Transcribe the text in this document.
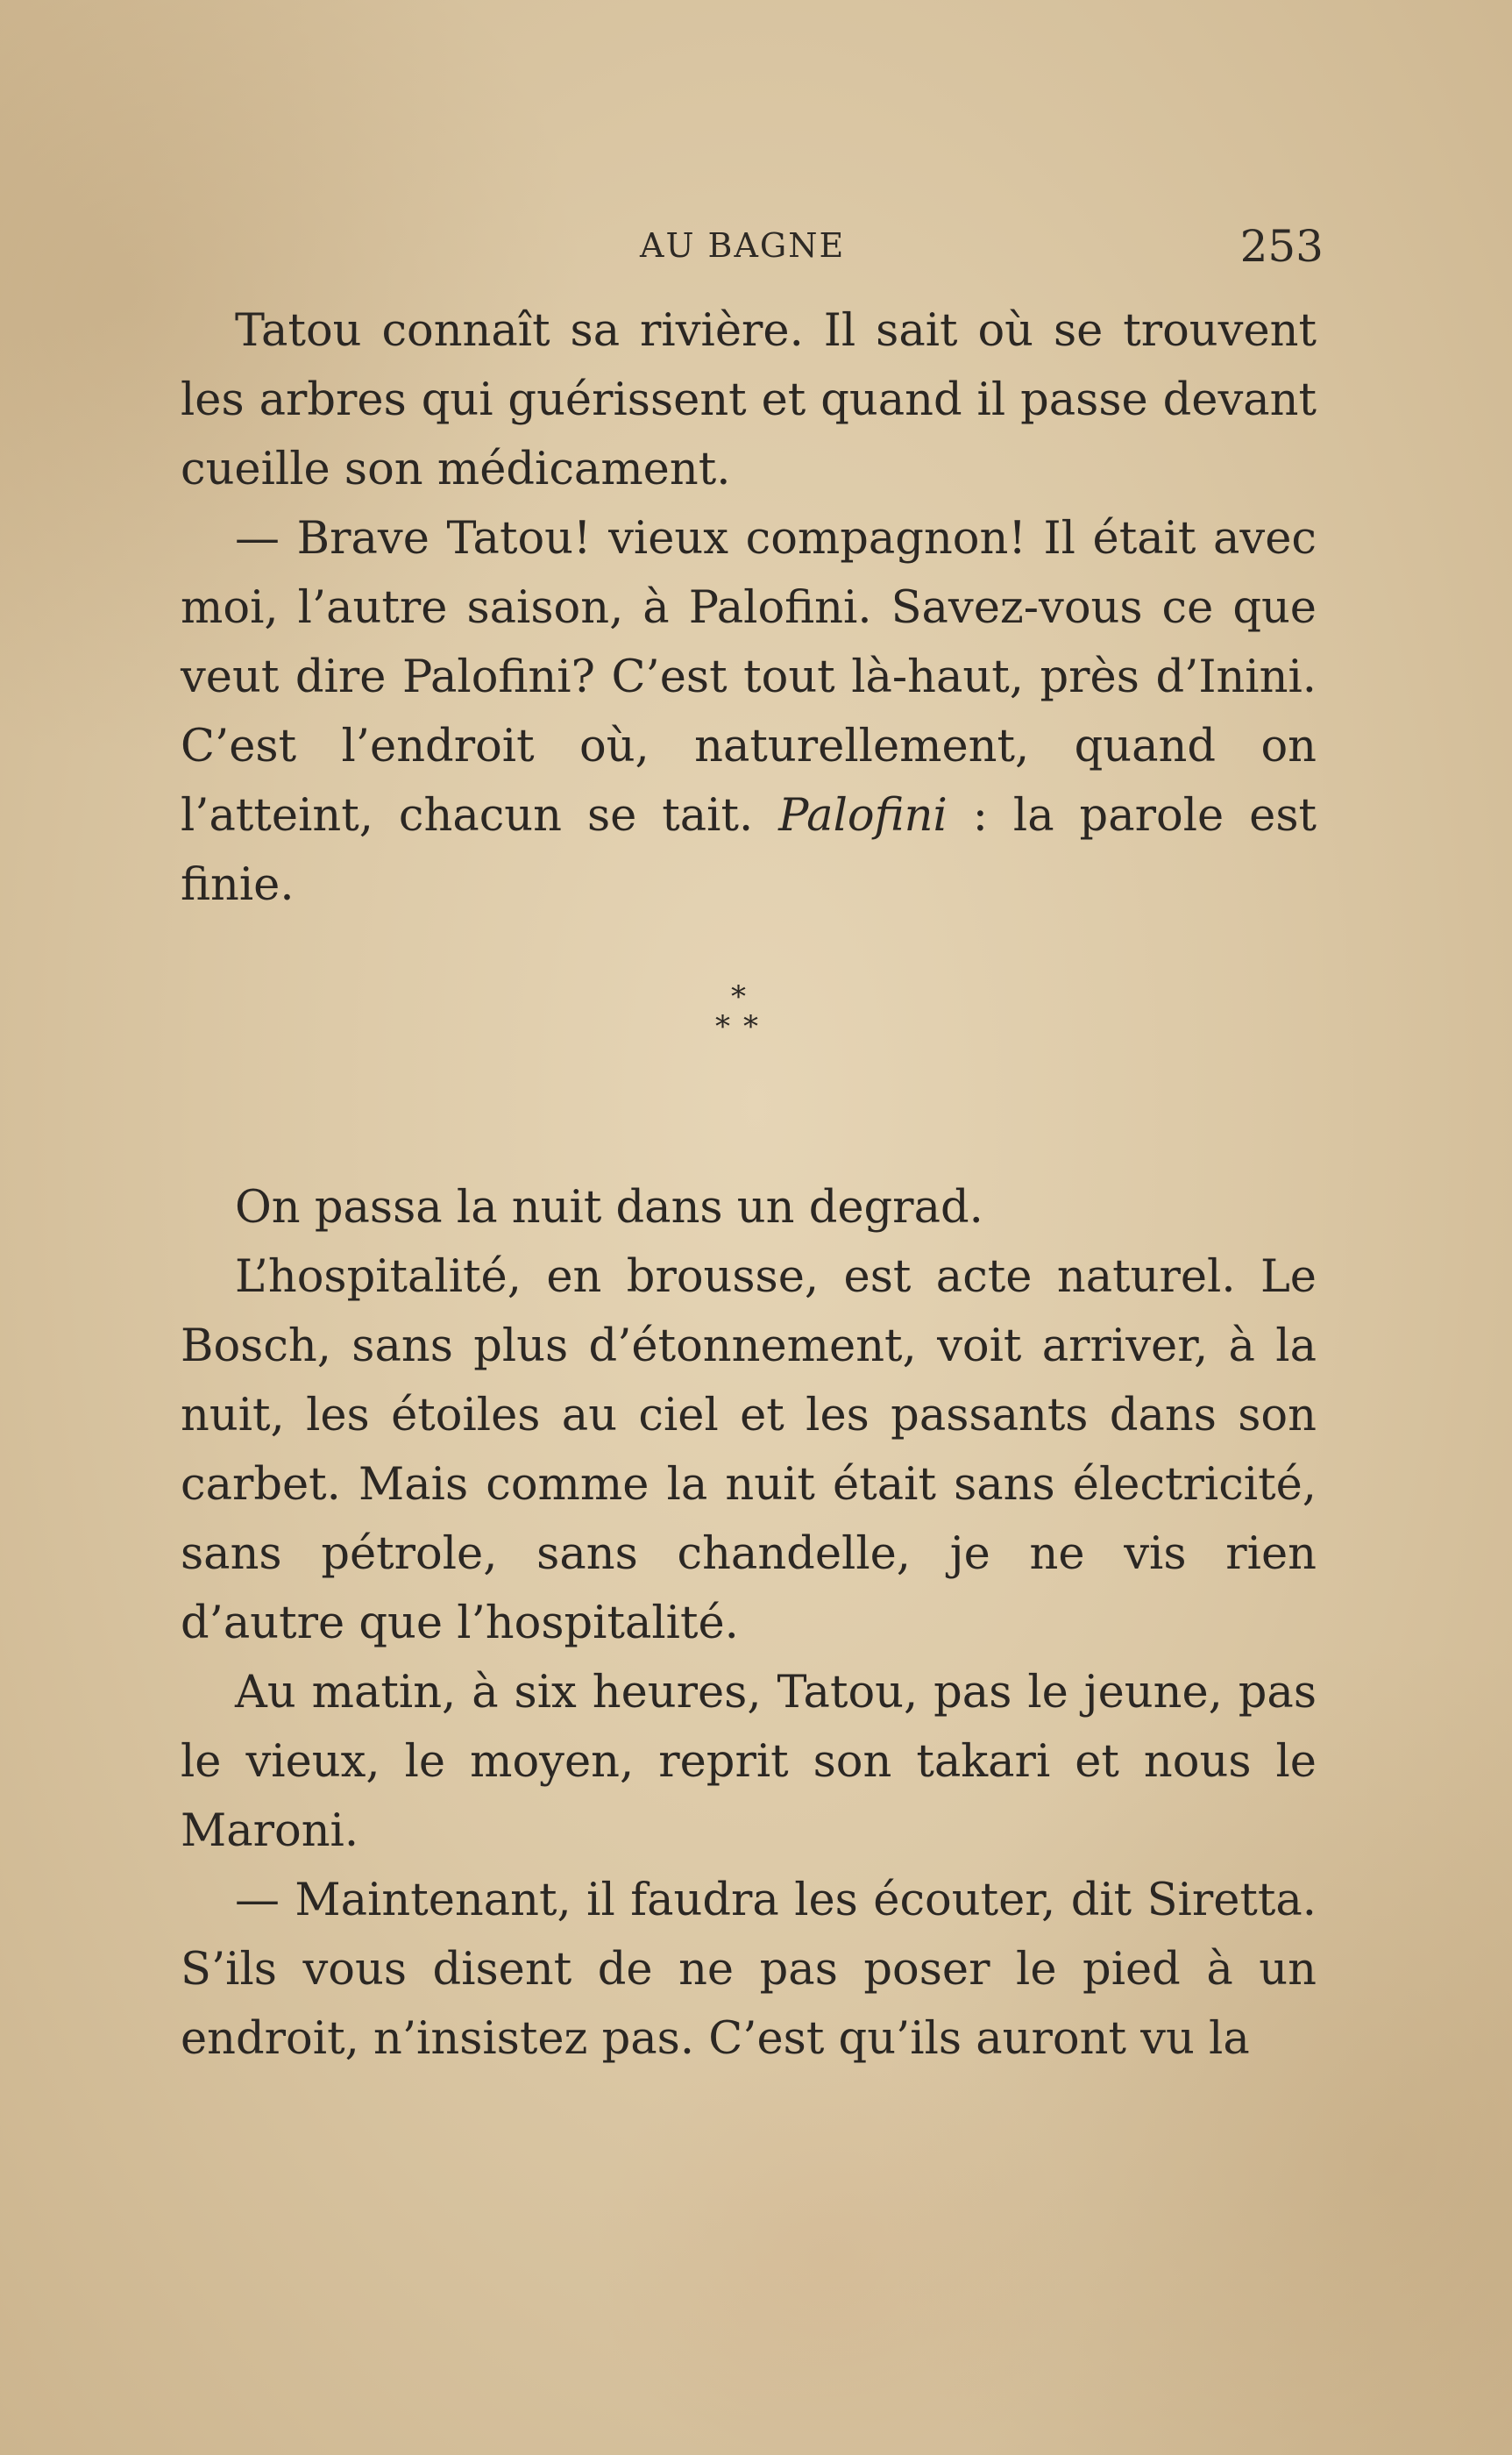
AU BAGNE	253

Tatou connaît sa rivière. Il sait où se trouvent les arbres qui guérissent et quand il passe devant cueille son médicament.

— Brave Tatou! vieux compagnon! Il était avec moi, l’autre saison, à Palofini. Savez-vous ce que veut dire Palofini? C’est tout là-haut, près d’Inini. C’est l’endroit où, naturellement, quand on l’atteint, chacun se tait. Palofini : la parole est finie.

*
* *

On passa la nuit dans un degrad.

L’hospitalité, en brousse, est acte naturel. Le Bosch, sans plus d’étonnement, voit arriver, à la nuit, les étoiles au ciel et les passants dans son carbet. Mais comme la nuit était sans électricité, sans pétrole, sans chandelle, je ne vis rien d’autre que l’hospitalité.

Au matin, à six heures, Tatou, pas le jeune, pas le vieux, le moyen, reprit son takari et nous le Maroni.

— Maintenant, il faudra les écouter, dit Siretta. S’ils vous disent de ne pas poser le pied à un endroit, n’insistez pas. C’est qu’ils auront vu la
